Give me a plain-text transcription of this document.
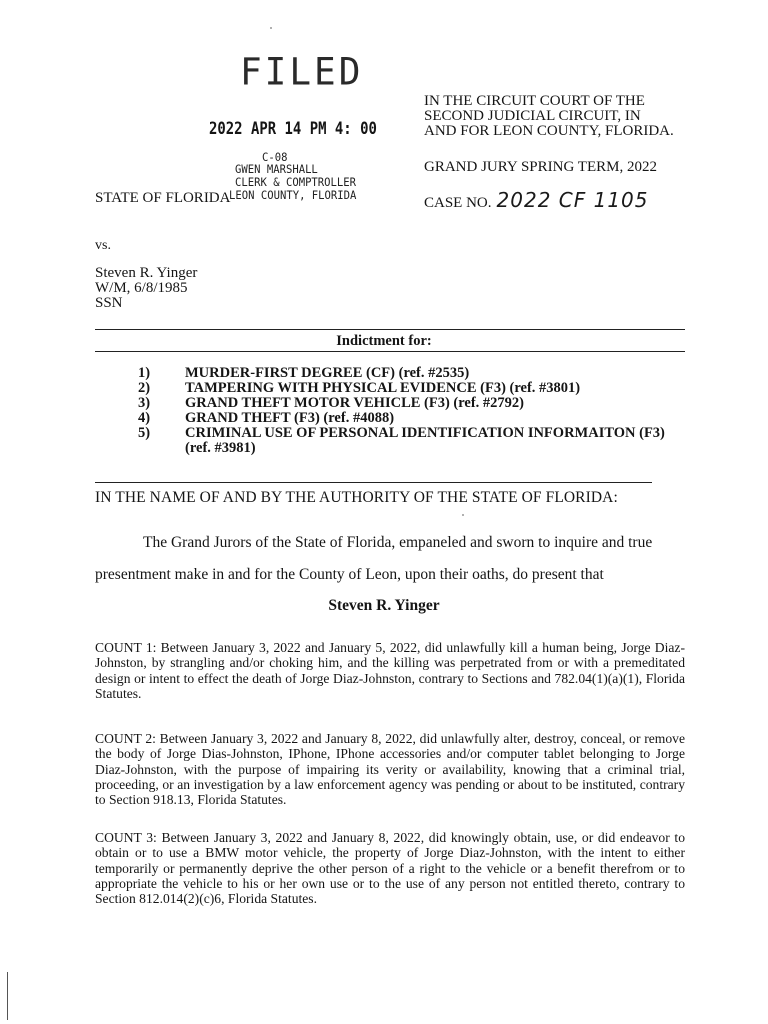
FILED
2022 APR 14 PM 4: 00
C-08
GWEN MARSHALL
CLERK & COMPTROLLER
LEON COUNTY, FLORIDA
IN THE CIRCUIT COURT OF THE
SECOND JUDICIAL CIRCUIT, IN
AND FOR LEON COUNTY, FLORIDA.
GRAND JURY SPRING TERM, 2022
CASE NO. 2022 CF 1105
STATE OF FLORIDA
vs.
Steven R. Yinger
W/M, 6/8/1985
SSN
Indictment for:
1)	MURDER-FIRST DEGREE (CF) (ref. #2535)
2)	TAMPERING WITH PHYSICAL EVIDENCE (F3) (ref. #3801)
3)	GRAND THEFT MOTOR VEHICLE (F3) (ref. #2792)
4)	GRAND THEFT (F3) (ref. #4088)
5)	CRIMINAL USE OF PERSONAL IDENTIFICATION INFORMAITON (F3) (ref. #3981)
IN THE NAME OF AND BY THE AUTHORITY OF THE STATE OF FLORIDA:
The Grand Jurors of the State of Florida, empaneled and sworn to inquire and true
presentment make in and for the County of Leon, upon their oaths, do present that
Steven R. Yinger
COUNT 1: Between January 3, 2022 and January 5, 2022, did unlawfully kill a human being, Jorge Diaz-Johnston, by strangling and/or choking him, and the killing was perpetrated from or with a premeditated design or intent to effect the death of Jorge Diaz-Johnston, contrary to Sections and 782.04(1)(a)(1), Florida Statutes.
COUNT 2: Between January 3, 2022 and January 8, 2022, did unlawfully alter, destroy, conceal, or remove the body of Jorge Dias-Johnston, IPhone, IPhone accessories and/or computer tablet belonging to Jorge Diaz-Johnston, with the purpose of impairing its verity or availability, knowing that a criminal trial, proceeding, or an investigation by a law enforcement agency was pending or about to be instituted, contrary to Section 918.13, Florida Statutes.
COUNT 3: Between January 3, 2022 and January 8, 2022, did knowingly obtain, use, or did endeavor to obtain or to use a BMW motor vehicle, the property of Jorge Diaz-Johnston, with the intent to either temporarily or permanently deprive the other person of a right to the vehicle or a benefit therefrom or to appropriate the vehicle to his or her own use or to the use of any person not entitled thereto, contrary to Section 812.014(2)(c)6, Florida Statutes.
